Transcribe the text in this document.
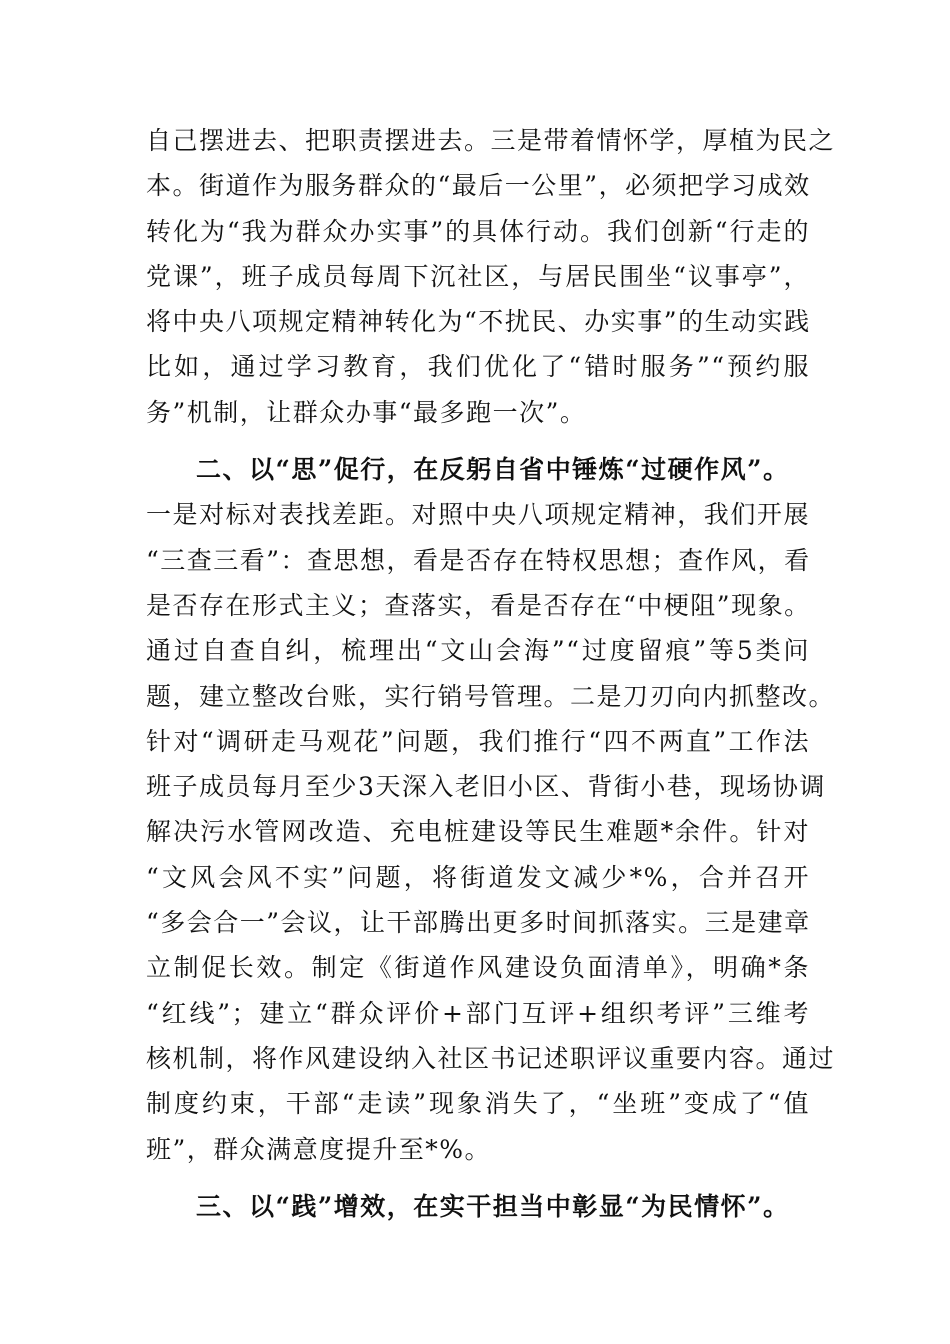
自己摆进去、把职责摆进去。三是带着情怀学，厚植为民之
本。街道作为服务群众的“最后一公里”，必须把学习成效
转化为“我为群众办实事”的具体行动。我们创新“行走的
党课”，班子成员每周下沉社区，与居民围坐“议事亭”，
将中央八项规定精神转化为“不扰民、办实事”的生动实践
比如，通过学习教育，我们优化了“错时服务”“预约服
务”机制，让群众办事“最多跑一次”。
二、以“思”促行，在反躬自省中锤炼“过硬作风”。
一是对标对表找差距。对照中央八项规定精神，我们开展
“三查三看”：查思想，看是否存在特权思想；查作风，看
是否存在形式主义；查落实，看是否存在“中梗阻”现象。
通过自查自纠，梳理出“文山会海”“过度留痕”等5类问
题，建立整改台账，实行销号管理。二是刀刃向内抓整改。
针对“调研走马观花”问题，我们推行“四不两直”工作法
班子成员每月至少3天深入老旧小区、背街小巷，现场协调
解决污水管网改造、充电桩建设等民生难题*余件。针对
“文风会风不实”问题，将街道发文减少*%，合并召开
“多会合一”会议，让干部腾出更多时间抓落实。三是建章
立制促长效。制定《街道作风建设负面清单》，明确*条
“红线”；建立“群众评价+部门互评+组织考评”三维考
核机制，将作风建设纳入社区书记述职评议重要内容。通过
制度约束，干部“走读”现象消失了，“坐班”变成了“值
班”，群众满意度提升至*%。
三、以“践”增效，在实干担当中彰显“为民情怀”。
